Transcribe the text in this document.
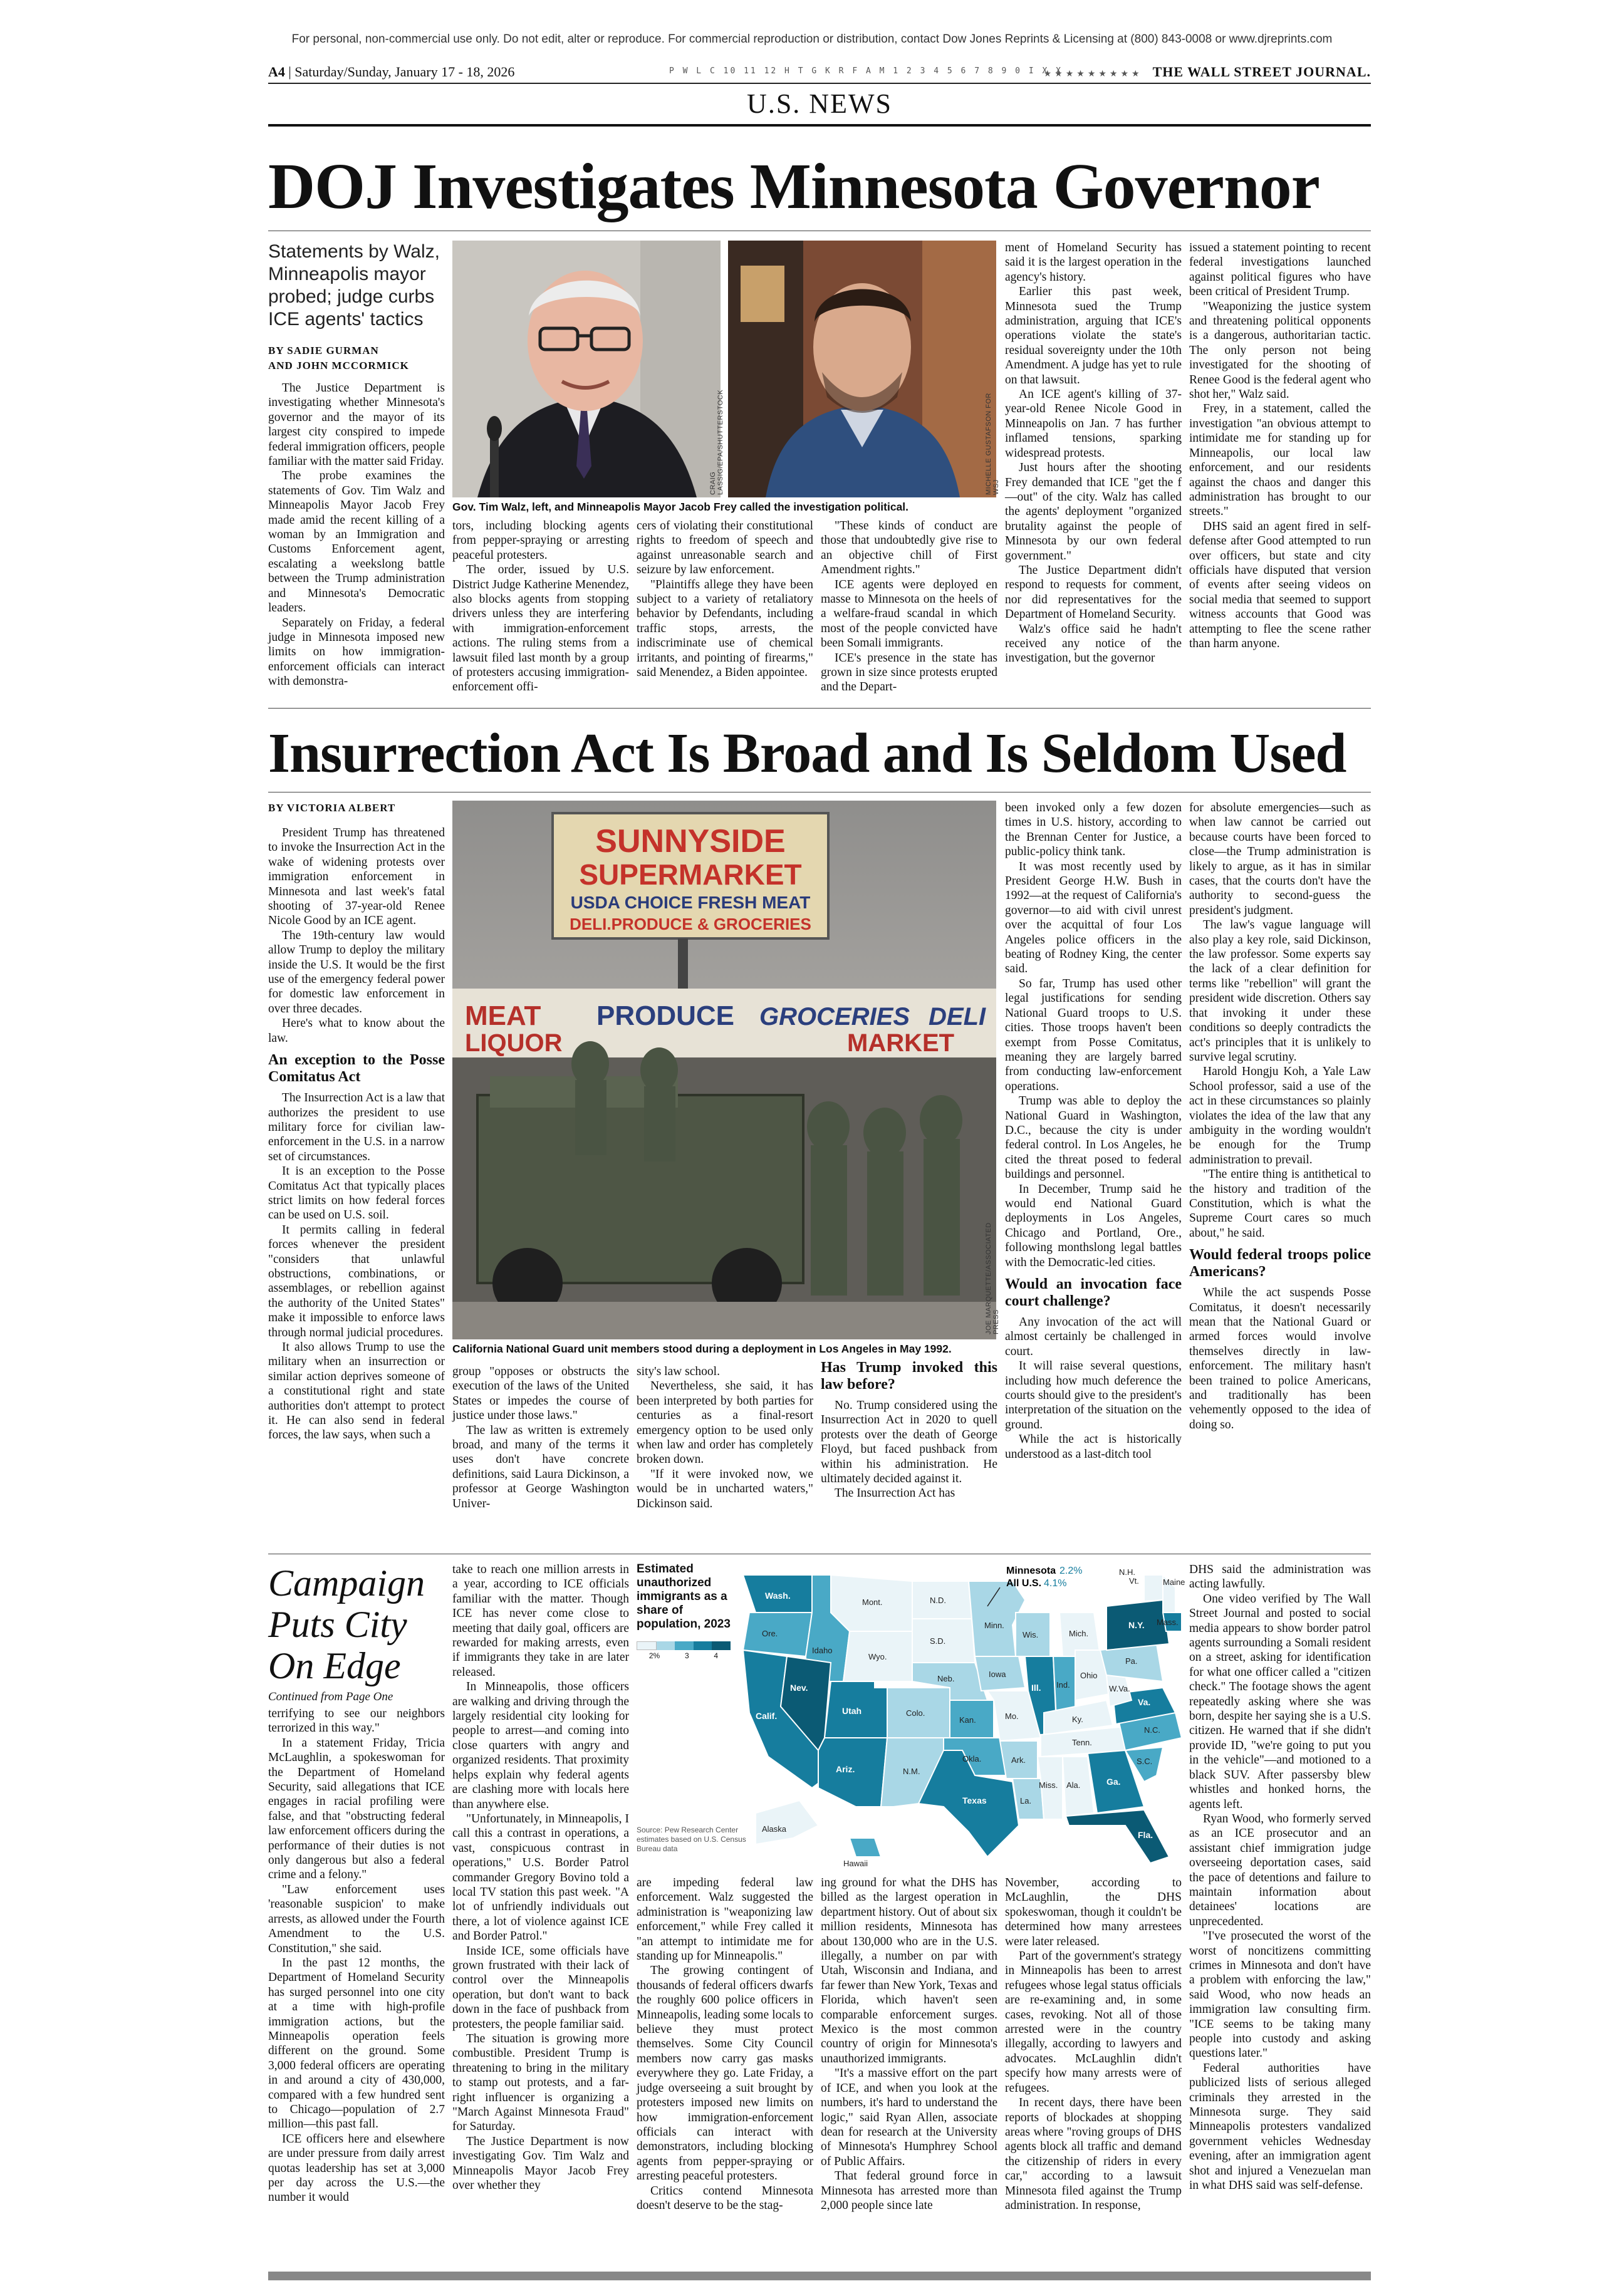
For personal, non-commercial use only. Do not edit, alter or reproduce. For commercial reproduction or distribution, contact Dow Jones Reprints & Licensing at (800) 843-0008 or www.djreprints.com
A4 | Saturday/Sunday, January 17 - 18, 2026	P W L C 10 11 12 H T G K R F A M 1 2 3 4 5 6 7 8 9 0 I X X
★★★★★★★★★ THE WALL STREET JOURNAL.
U.S. NEWS
DOJ Investigates Minnesota Governor
Statements by Walz, Minneapolis mayor probed; judge curbs ICE agents' tactics
BY SADIE GURMAN
AND JOHN MCCORMICK
CRAIG LASSIG/EPA/SHUTTERSTOCK	MICHELLE GUSTAFSON FOR WSJ
Gov. Tim Walz, left, and Minneapolis Mayor Jacob Frey called the investigation political.

The Justice Department is investigating whether Minnesota's governor and the mayor of its largest city conspired to impede federal immigration officers, people familiar with the matter said Friday.

The probe examines the statements of Gov. Tim Walz and Minneapolis Mayor Jacob Frey made amid the recent killing of a woman by an Immigration and Customs Enforcement agent, escalating a weekslong battle between the Trump administration and Minnesota's Democratic leaders.

Separately on Friday, a federal judge in Minnesota imposed new limits on how immigration-enforcement officials can interact with demonstra-

tors, including blocking agents from pepper-spraying or arresting peaceful protesters.

The order, issued by U.S. District Judge Katherine Menendez, also blocks agents from stopping drivers unless they are interfering with immigration-enforcement actions. The ruling stems from a lawsuit filed last month by a group of protesters accusing immigration-enforcement offi-

cers of violating their constitutional rights to freedom of speech and against unreasonable search and seizure by law enforcement.

"Plaintiffs allege they have been subject to a variety of retaliatory behavior by Defendants, including traffic stops, arrests, the indiscriminate use of chemical irritants, and pointing of firearms," said Menendez, a Biden appointee.

"These kinds of conduct are those that undoubtedly give rise to an objective chill of First Amendment rights."

ICE agents were deployed en masse to Minnesota on the heels of a welfare-fraud scandal in which most of the people convicted have been Somali immigrants.

ICE's presence in the state has grown in size since protests erupted and the Depart-

ment of Homeland Security has said it is the largest operation in the agency's history.

Earlier this past week, Minnesota sued the Trump administration, arguing that ICE's operations violate the state's residual sovereignty under the 10th Amendment. A judge has yet to rule on that lawsuit.

An ICE agent's killing of 37-year-old Renee Nicole Good in Minneapolis on Jan. 7 has further inflamed tensions, sparking widespread protests.

Just hours after the shooting Frey demanded that ICE "get the f—out" of the city. Walz has called the agents' deployment "organized brutality against the people of Minnesota by our own federal government."

The Justice Department didn't respond to requests for comment, nor did representatives for the Department of Homeland Security.

Walz's office said he hadn't received any notice of the investigation, but the governor

issued a statement pointing to recent federal investigations launched against political figures who have been critical of President Trump.

"Weaponizing the justice system and threatening political opponents is a dangerous, authoritarian tactic. The only person not being investigated for the shooting of Renee Good is the federal agent who shot her," Walz said.

Frey, in a statement, called the investigation "an obvious attempt to intimidate me for standing up for Minneapolis, our local law enforcement, and our residents against the chaos and danger this administration has brought to our streets."

DHS said an agent fired in self-defense after Good attempted to run over officers, but state and city officials have disputed that version of events after seeing videos on social media that seemed to support witness accounts that Good was attempting to flee the scene rather than harm anyone.

Insurrection Act Is Broad and Is Seldom Used
BY VICTORIA ALBERT
SUNNYSIDE
SUPERMARKET
USDA CHOICE FRESH MEAT
DELI.PRODUCE & GROCERIES
MEAT PRODUCE GROCERIES DELI
LIQUOR	MARKET
JOE MARQUETTE/ASSOCIATED PRESS
California National Guard unit members stood during a deployment in Los Angeles in May 1992.

President Trump has threatened to invoke the Insurrection Act in the wake of widening protests over immigration enforcement in Minnesota and last week's fatal shooting of 37-year-old Renee Nicole Good by an ICE agent.

The 19th-century law would allow Trump to deploy the military inside the U.S. It would be the first use of the emergency federal power for domestic law enforcement in over three decades.

Here's what to know about the law.

An exception to the Posse Comitatus Act

The Insurrection Act is a law that authorizes the president to use military force for civilian law-enforcement in the U.S. in a narrow set of circumstances.

It is an exception to the Posse Comitatus Act that typically places strict limits on how federal forces can be used on U.S. soil.

It permits calling in federal forces whenever the president "considers that unlawful obstructions, combinations, or assemblages, or rebellion against the authority of the United States" make it impossible to enforce laws through normal judicial procedures.

It also allows Trump to use the military when an insurrection or similar action deprives someone of a constitutional right and state authorities don't attempt to protect it. He can also send in federal forces, the law says, when such a

group "opposes or obstructs the execution of the laws of the United States or impedes the course of justice under those laws."

The law as written is extremely broad, and many of the terms it uses don't have concrete definitions, said Laura Dickinson, a professor at George Washington Univer-

sity's law school.

Nevertheless, she said, it has been interpreted by both parties for centuries as a final-resort emergency option to be used only when law and order has completely broken down.

"If it were invoked now, we would be in uncharted waters," Dickinson said.

Has Trump invoked this law before?

No. Trump considered using the Insurrection Act in 2020 to quell protests over the death of George Floyd, but faced pushback from within his administration. He ultimately decided against it.

The Insurrection Act has

been invoked only a few dozen times in U.S. history, according to the Brennan Center for Justice, a public-policy think tank.

It was most recently used by President George H.W. Bush in 1992—at the request of California's governor—to aid with civil unrest over the acquittal of four Los Angeles police officers in the beating of Rodney King, the center said.

So far, Trump has used other legal justifications for sending National Guard troops to U.S. cities. Those troops haven't been exempt from Posse Comitatus, meaning they are largely barred from conducting law-enforcement operations.

Trump was able to deploy the National Guard in Washington, D.C., because the city is under federal control. In Los Angeles, he cited the threat posed to federal buildings and personnel.

In December, Trump said he would end National Guard deployments in Los Angeles, Chicago and Portland, Ore., following monthslong legal battles with the Democratic-led cities.

Would an invocation face court challenge?

Any invocation of the act will almost certainly be challenged in court.

It will raise several questions, including how much deference the courts should give to the president's interpretation of the situation on the ground.

While the act is historically understood as a last-ditch tool

for absolute emergencies—such as when law cannot be carried out because courts have been forced to close—the Trump administration is likely to argue, as it has in similar cases, that the courts don't have the authority to second-guess the president's judgment.

The law's vague language will also play a key role, said Dickinson, the law professor. Some experts say the lack of a clear definition for terms like "rebellion" will grant the president wide discretion. Others say that invoking it under these conditions so deeply contradicts the act's principles that it is unlikely to survive legal scrutiny.

Harold Hongju Koh, a Yale Law School professor, said a use of the act in these circumstances so plainly violates the idea of the law that any ambiguity in the wording wouldn't be enough for the Trump administration to prevail.

"The entire thing is antithetical to the history and tradition of the Constitution, which is what the Supreme Court cares so much about," he said.

Would federal troops police Americans?

While the act suspends Posse Comitatus, it doesn't necessarily mean that the National Guard or armed forces would involve themselves directly in law-enforcement. The military hasn't been trained to police Americans, and traditionally has been vehemently opposed to the idea of doing so.

Campaign Puts City On Edge
Continued from Page One

terrifying to see our neighbors terrorized in this way."

In a statement Friday, Tricia McLaughlin, a spokeswoman for the Department of Homeland Security, said allegations that ICE engages in racial profiling were false, and that "obstructing federal law enforcement officers during the performance of their duties is not only dangerous but also a federal crime and a felony."

"Law enforcement uses 'reasonable suspicion' to make arrests, as allowed under the Fourth Amendment to the U.S. Constitution," she said.

In the past 12 months, the Department of Homeland Security has surged personnel into one city at a time with high-profile immigration actions, but the Minneapolis operation feels different on the ground. Some 3,000 federal officers are operating in and around a city of 430,000, compared with a few hundred sent to Chicago—population of 2.7 million—this past fall.

ICE officers here and elsewhere are under pressure from daily arrest quotas leadership has set at 3,000 per day across the U.S.—the number it would

take to reach one million arrests in a year, according to ICE officials familiar with the matter. Though ICE has never come close to meeting that daily goal, officers are rewarded for making arrests, even if immigrants they take in are later released.

In Minneapolis, those officers are walking and driving through the largely residential city looking for people to arrest—and coming into close quarters with angry and organized residents. That proximity helps explain why federal agents are clashing more with locals here than anywhere else.

"Unfortunately, in Minneapolis, I call this a contrast in operations, a vast, conspicuous contrast in operations," U.S. Border Patrol commander Gregory Bovino told a local TV station this past week. "A lot of unfriendly individuals out there, a lot of violence against ICE and Border Patrol."

Inside ICE, some officials have grown frustrated with their lack of control over the Minneapolis operation, but don't want to back down in the face of pushback from protesters, the people familiar said.

The situation is growing more combustible. President Trump is threatening to bring in the military to stamp out protests, and a far-right influencer is organizing a "March Against Minnesota Fraud" for Saturday.

The Justice Department is now investigating Gov. Tim Walz and Minneapolis Mayor Jacob Frey over whether they

Estimated unauthorized immigrants as a share of population, 2023
2%	3	4
Source: Pew Research Center estimates based on U.S. Census Bureau data
Wash.
Ore.
Calif.
Idaho
Nev.
Mont.
Wyo.
Utah
Ariz.
Colo.
N.M.
N.D.
S.D.
Neb.
Kan.
Okla.
Texas
Minn.
Iowa
Mo.
Ark.
La.
Wis.
Ill.
Mich.
Ind.
Ohio
Ky.
Tenn.
Miss. Ala.	Ga.
Fla.
S.C.
N.C.
Va.
W.Va.
Pa.
N.Y.
Vt.
N.H.
Maine
Mass.
Alaska
Hawaii
Minnesota 2.2%
All U.S. 4.1%

are impeding federal law enforcement. Walz suggested the administration is "weaponizing law enforcement," while Frey called it "an attempt to intimidate me for standing up for Minneapolis."

The growing contingent of thousands of federal officers dwarfs the roughly 600 police officers in Minneapolis, leading some locals to believe they must protect themselves. Some City Council members now carry gas masks everywhere they go. Late Friday, a judge overseeing a suit brought by protesters imposed new limits on how immigration-enforcement officials can interact with demonstrators, including blocking agents from pepper-spraying or arresting peaceful protesters.

Critics contend Minnesota doesn't deserve to be the stag-

ing ground for what the DHS has billed as the largest operation in department history. Out of about six million residents, Minnesota has about 130,000 who are in the U.S. illegally, a number on par with Utah, Wisconsin and Indiana, and far fewer than New York, Texas and Florida, which haven't seen comparable enforcement surges. Mexico is the most common country of origin for Minnesota's unauthorized immigrants.

"It's a massive effort on the part of ICE, and when you look at the numbers, it's hard to understand the logic," said Ryan Allen, associate dean for research at the University of Minnesota's Humphrey School of Public Affairs.

That federal ground force in Minnesota has arrested more than 2,000 people since late

November, according to McLaughlin, the DHS spokeswoman, though it couldn't be determined how many arrestees were later released.

Part of the government's strategy in Minneapolis has been to arrest refugees whose legal status officials are re-examining and, in some cases, revoking. Not all of those arrested were in the country illegally, according to lawyers and advocates. McLaughlin didn't specify how many arrests were of refugees.

In recent days, there have been reports of blockades at shopping areas where "roving groups of DHS agents block all traffic and demand the citizenship of riders in every car," according to a lawsuit Minnesota filed against the Trump administration. In response,

DHS said the administration was acting lawfully.

One video verified by The Wall Street Journal and posted to social media appears to show border patrol agents surrounding a Somali resident on a street, asking for identification for what one officer called a "citizen check." The footage shows the agent repeatedly asking where she was born, despite her saying she is a U.S. citizen. He warned that if she didn't provide ID, "we're going to put you in the vehicle"—and motioned to a black SUV. After passersby blew whistles and honked horns, the agents left.

Ryan Wood, who formerly served as an ICE prosecutor and an assistant chief immigration judge overseeing deportation cases, said the pace of detentions and failure to maintain information about detainees' locations are unprecedented.

"I've prosecuted the worst of the worst of noncitizens committing crimes in Minnesota and don't have a problem with enforcing the law," said Wood, who now heads an immigration law consulting firm. "ICE seems to be taking many people into custody and asking questions later."

Federal authorities have publicized lists of serious alleged criminals they arrested in the Minnesota surge. They said Minneapolis protesters vandalized government vehicles Wednesday evening, after an immigration agent shot and injured a Venezuelan man in what DHS said was self-defense.
